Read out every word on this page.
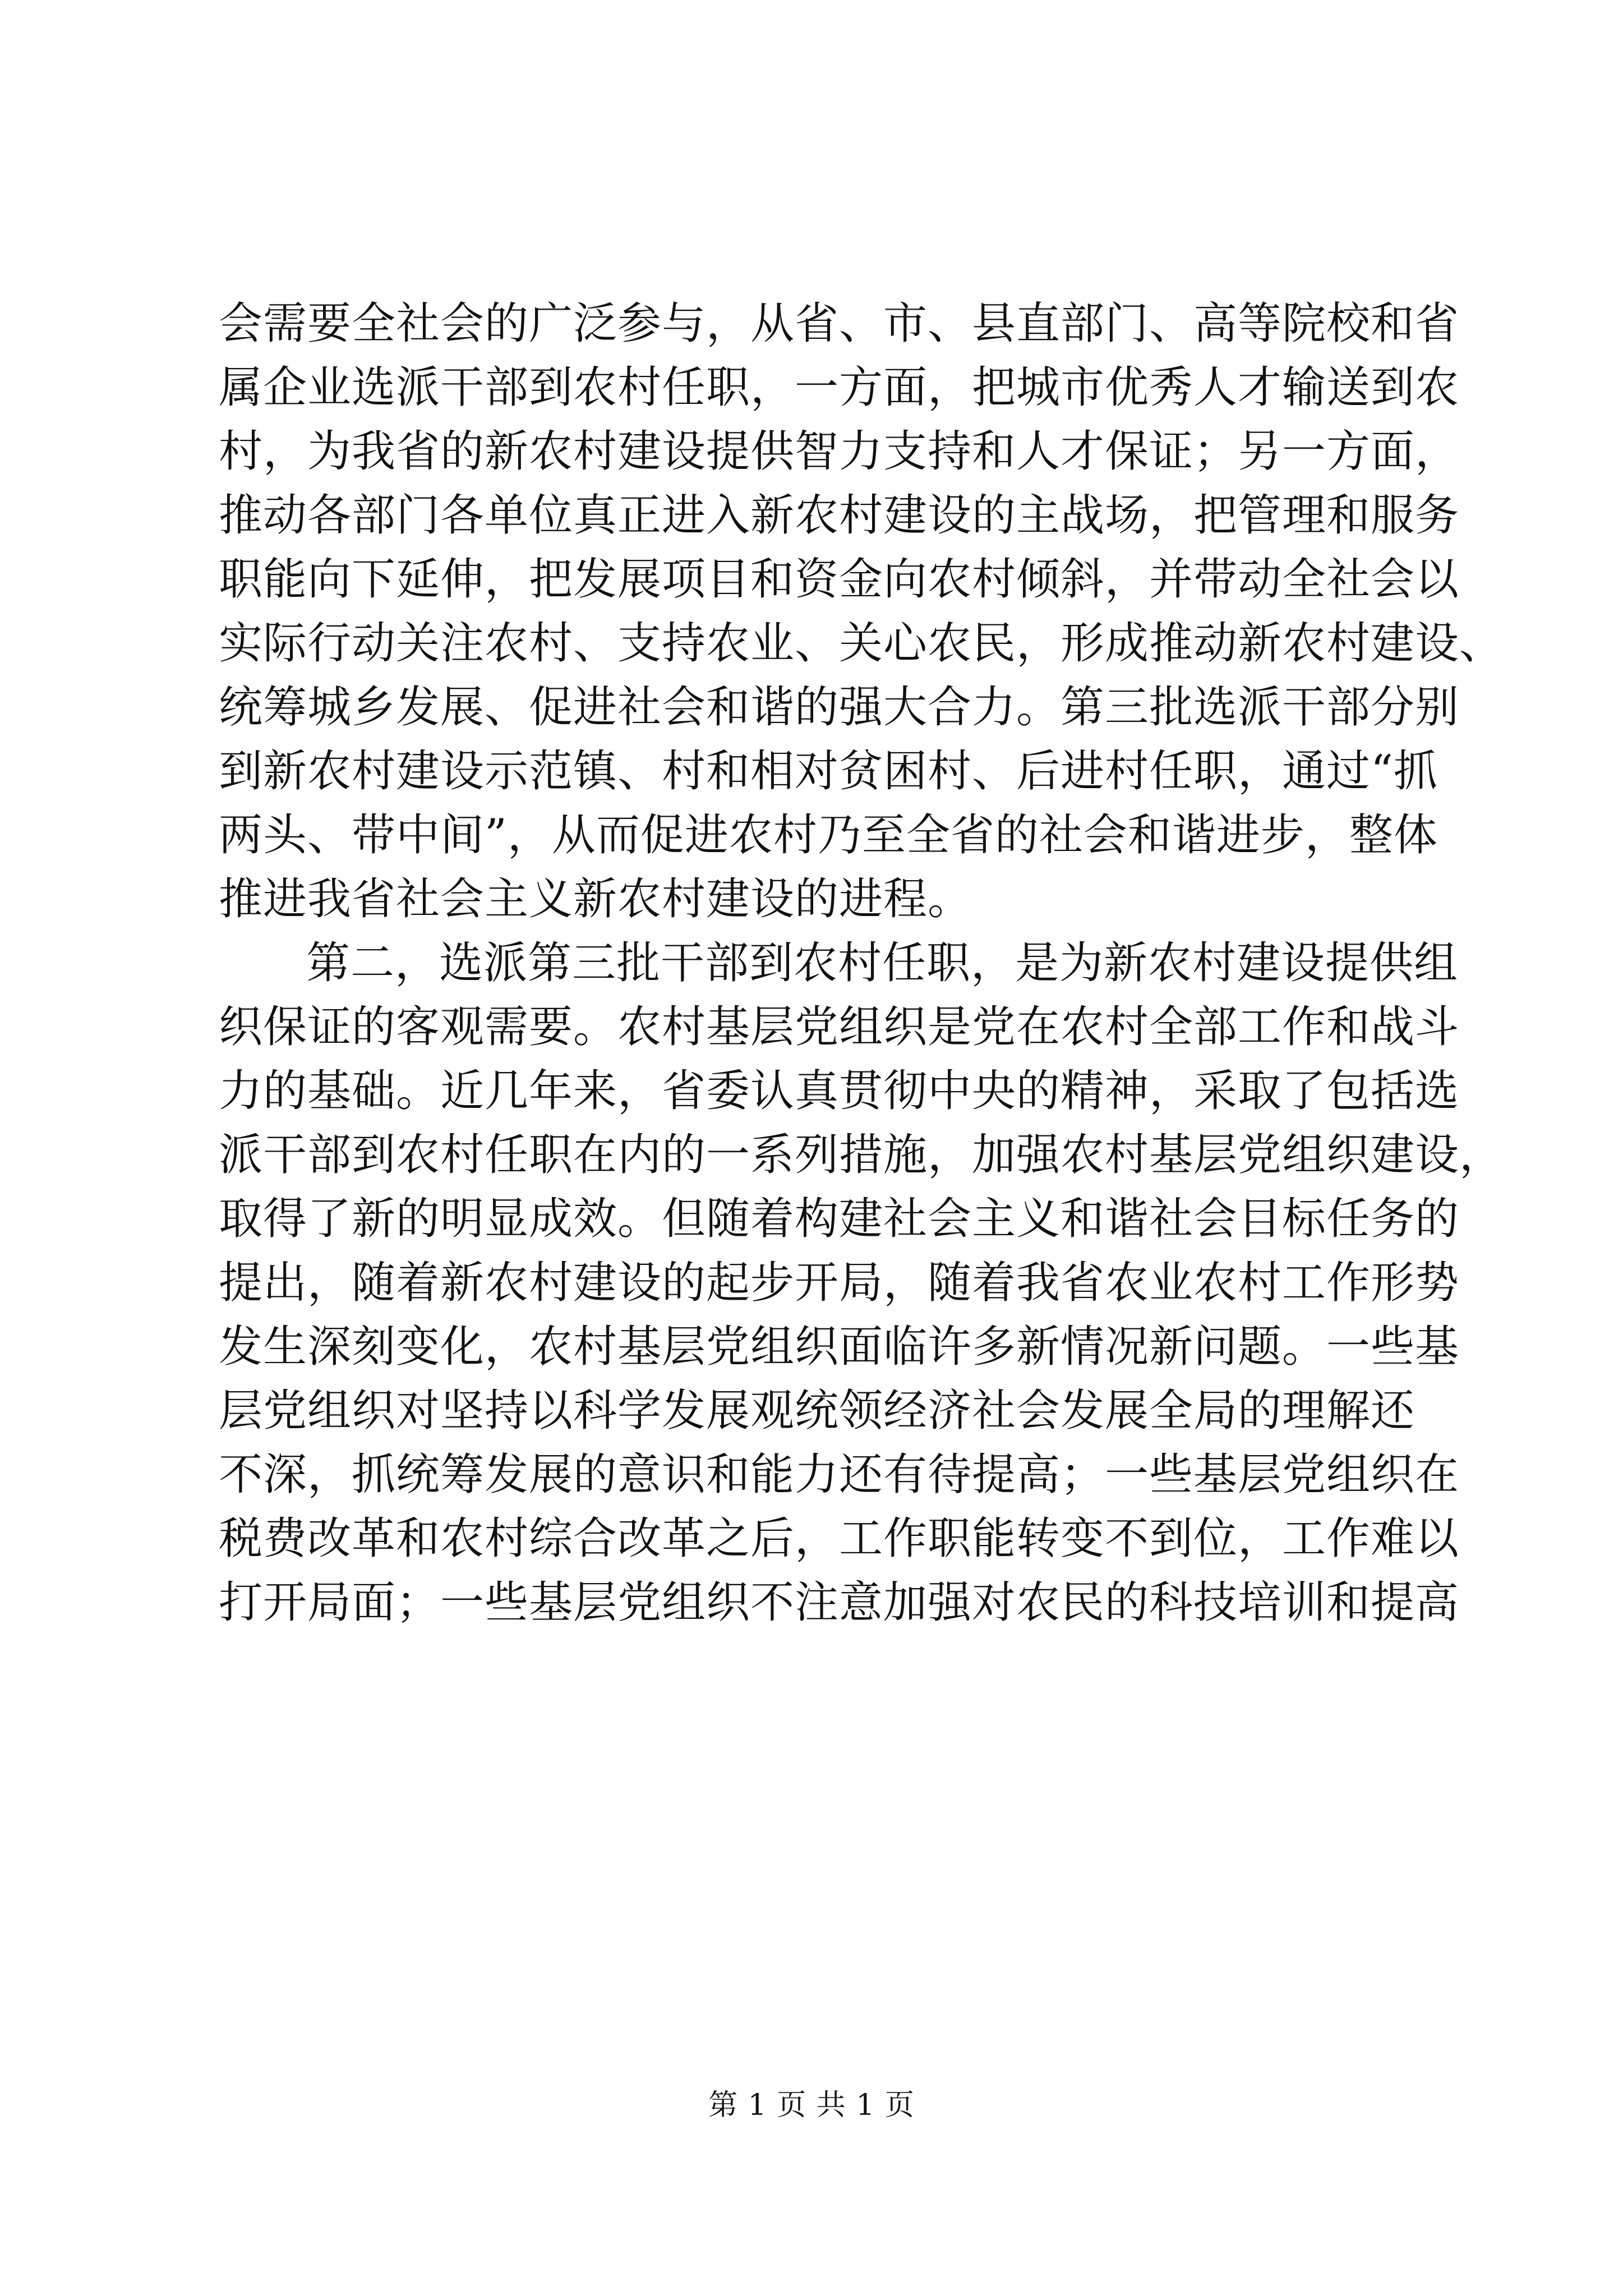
会需要全社会的广泛参与，从省、市、县直部门、高等院校和省
属企业选派干部到农村任职，一方面，把城市优秀人才输送到农
村，为我省的新农村建设提供智力支持和人才保证；另一方面，
推动各部门各单位真正进入新农村建设的主战场，把管理和服务
职能向下延伸，把发展项目和资金向农村倾斜，并带动全社会以
实际行动关注农村、支持农业、关心农民，形成推动新农村建设、
统筹城乡发展、促进社会和谐的强大合力。第三批选派干部分别
到新农村建设示范镇、村和相对贫困村、后进村任职，通过“抓
两头、带中间”，从而促进农村乃至全省的社会和谐进步，整体
推进我省社会主义新农村建设的进程。
第二，选派第三批干部到农村任职，是为新农村建设提供组
织保证的客观需要。农村基层党组织是党在农村全部工作和战斗
力的基础。近几年来，省委认真贯彻中央的精神，采取了包括选
派干部到农村任职在内的一系列措施，加强农村基层党组织建设，
取得了新的明显成效。但随着构建社会主义和谐社会目标任务的
提出，随着新农村建设的起步开局，随着我省农业农村工作形势
发生深刻变化，农村基层党组织面临许多新情况新问题。一些基
层党组织对坚持以科学发展观统领经济社会发展全局的理解还
不深，抓统筹发展的意识和能力还有待提高；一些基层党组织在
税费改革和农村综合改革之后，工作职能转变不到位，工作难以
打开局面；一些基层党组织不注意加强对农民的科技培训和提高
第 1 页 共 1 页
